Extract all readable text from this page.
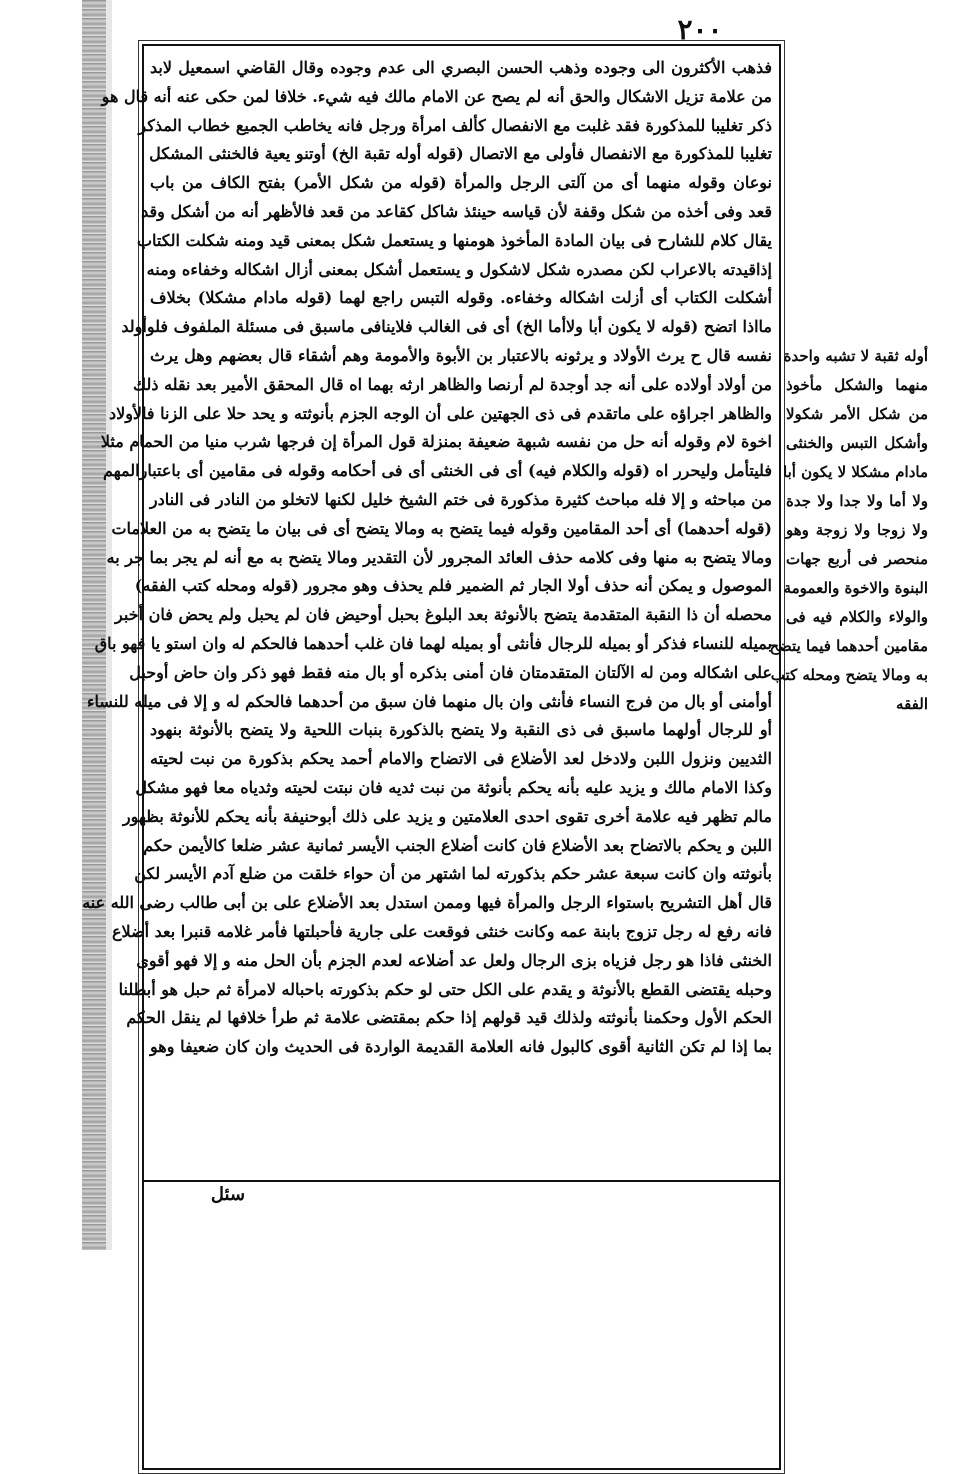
٢٠٠
فذهب الأكثرون الى وجوده وذهب الحسن البصري الى عدم وجوده وقال القاضي اسمعيل لابد
من علامة تزيل الاشكال والحق أنه لم يصح عن الامام مالك فيه شيء. خلافا لمن حكى عنه أنه قال هو
ذكر تغليبا للمذكورة فقد غلبت مع الانفصال كألف امرأة ورجل فانه يخاطب الجميع خطاب المذكر
تغليبا للمذكورة مع الانفصال فأولى مع الاتصال (قوله أوله تقبة الخ) أوتنو يعية فالخنثى المشكل
نوعان وقوله منهما أى من آلتى الرجل والمرأة (قوله من شكل الأمر) بفتح الكاف من باب
قعد وفى أخذه من شكل وقفة لأن قياسه حينئذ شاكل كقاعد من قعد فالأظهر أنه من أشكل وقد
يقال كلام للشارح فى بيان المادة المأخوذ هومنها و يستعمل شكل بمعنى قيد ومنه شكلت الكتاب
إذاقيدته بالاعراب لكن مصدره شكل لاشكول و يستعمل أشكل بمعنى أزال اشكاله وخفاءه ومنه
أشكلت الكتاب أى أزلت اشكاله وخفاءه. وقوله التبس راجع لهما (قوله مادام مشكلا) بخلاف
مااذا اتضح (قوله لا يكون أبا ولاأما الخ) أى فى الغالب فلاينافى ماسبق فى مسئلة الملفوف فلوأولد
نفسه قال ح يرث الأولاد و يرثونه بالاعتبار بن الأبوة والأمومة وهم أشقاء قال بعضهم وهل يرث
من أولاد أولاده على أنه جد أوجدة لم أرنصا والظاهر ارثه بهما اه قال المحقق الأمير بعد نقله ذلك
والظاهر اجراؤه على ماتقدم فى ذى الجهتين على أن الوجه الجزم بأنوثته و يحد حلا على الزنا فالأولاد
اخوة لام وقوله أنه حل من نفسه شبهة ضعيفة بمنزلة قول المرأة إن فرجها شرب منيا من الحمام مثلا
فليتأمل وليحرر اه (قوله والكلام فيه) أى فى الخنثى أى فى أحكامه وقوله فى مقامين أى باعتبارالمهم
من مباحثه و إلا فله مباحث كثيرة مذكورة فى ختم الشيخ خليل لكنها لاتخلو من النادر فى النادر
(قوله أحدهما) أى أحد المقامين وقوله فيما يتضح به ومالا يتضح أى فى بيان ما يتضح به من العلامات
ومالا يتضح به منها وفى كلامه حذف العائد المجرور لأن التقدير ومالا يتضح به مع أنه لم يجر بما جر به
الموصول و يمكن أنه حذف أولا الجار ثم الضمير فلم يحذف وهو مجرور (قوله ومحله كتب الفقه)
محصله أن ذا النقبة المتقدمة يتضح بالأنوثة بعد البلوغ بحبل أوحيض فان لم يحبل ولم يحض فان أخبر
بميله للنساء فذكر أو بميله للرجال فأنثى أو بميله لهما فان غلب أحدهما فالحكم له وان استو يا فهو باق
على اشكاله ومن له الآلتان المتقدمتان فان أمنى بذكره أو بال منه فقط فهو ذكر وان حاض أوحبل
أوأمنى أو بال من فرج النساء فأنثى وان بال منهما فان سبق من أحدهما فالحكم له و إلا فى ميله للنساء
أو للرجال أولهما ماسبق فى ذى النقبة ولا يتضح بالذكورة بنبات اللحية ولا يتضح بالأنوثة بنهود
الثديين ونزول اللبن ولادخل لعد الأضلاع فى الاتضاح والامام أحمد يحكم بذكورة من نبت لحيته
وكذا الامام مالك و يزيد عليه بأنه يحكم بأنوثة من نبت ثديه فان نبتت لحيته وثدياه معا فهو مشكل
مالم تظهر فيه علامة أخرى تقوى احدى العلامتين و يزيد على ذلك أبوحنيفة بأنه يحكم للأنوثة بظهور
اللبن و يحكم بالاتضاح بعد الأضلاع فان كانت أضلاع الجنب الأيسر ثمانية عشر ضلعا كالأيمن حكم
بأنوثته وان كانت سبعة عشر حكم بذكورته لما اشتهر من أن حواء خلقت من ضلع آدم الأيسر لكن
قال أهل التشريح باستواء الرجل والمرأة فيها وممن استدل بعد الأضلاع على بن أبى طالب رضى الله عنه
فانه رفع له رجل تزوج بابنة عمه وكانت خنثى فوقعت على جارية فأحبلتها فأمر غلامه قنبرا بعد أضلاع
الخنثى فاذا هو رجل فزياه بزى الرجال ولعل عد أضلاعه لعدم الجزم بأن الحل منه و إلا فهو أقوى
وحبله يقتضى القطع بالأنوثة و يقدم على الكل حتى لو حكم بذكورته باحباله لامرأة ثم حبل هو أبطلنا
الحكم الأول وحكمنا بأنوثته ولذلك قيد قولهم إذا حكم بمقتضى علامة ثم طرأ خلافها لم ينقل الحكم
بما إذا لم تكن الثانية أقوى كالبول فانه العلامة القديمة الواردة فى الحديث وان كان ضعيفا وهو
أوله ثقبة لا تشبه واحدة
منهما والشكل مأخوذ
من شكل الأمر شكولا
وأشكل التبس والخنثى
مادام مشكلا لا يكون أبا
ولا أما ولا جدا ولا جدة
ولا زوجا ولا زوجة وهو
منحصر فى أربع جهات
البنوة والاخوة والعمومة
والولاء والكلام فيه فى
مقامين أحدهما فيما يتضح
به ومالا يتضح ومحله كتب
الفقه
سئل
